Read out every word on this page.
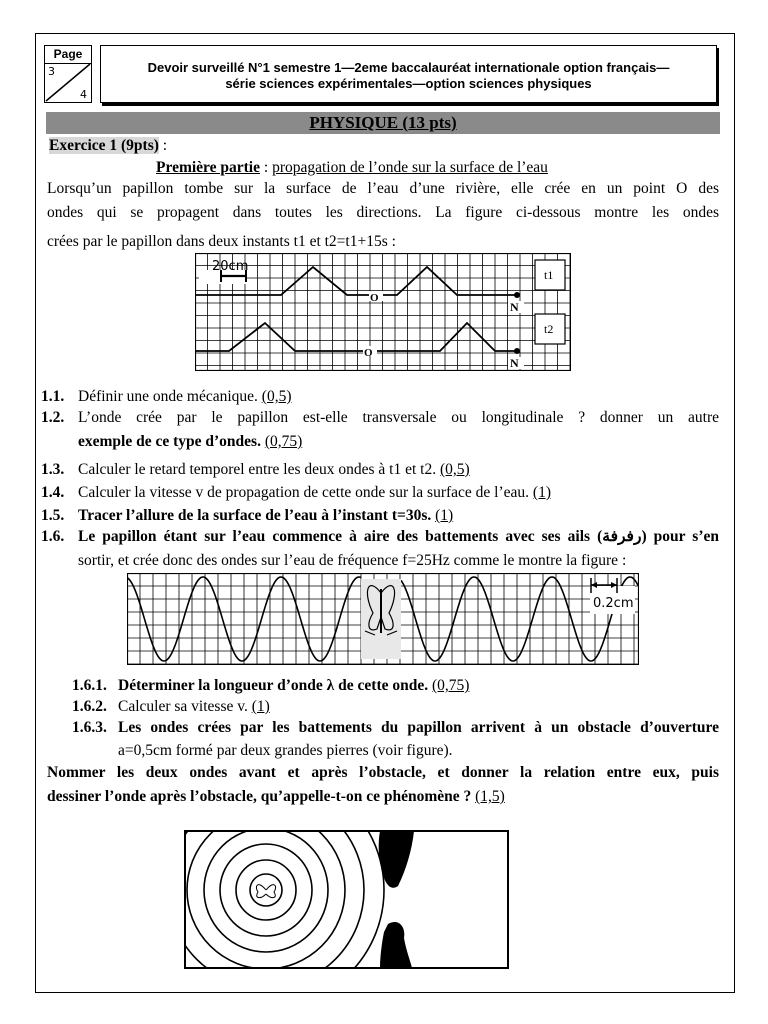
Page
3
4
Devoir surveillé N°1 semestre 1—2eme baccalauréat internationale option français—
série sciences expérimentales—option sciences physiques
PHYSIQUE (13 pts)
Exercice 1 (9pts) :
Première partie : propagation de l’onde sur la surface de l’eau
Lorsqu’un papillon tombe sur la surface de l’eau d’une rivière, elle crée en un point O des
ondes qui se propagent dans toutes les directions. La figure ci-dessous montre les ondes
crées par le papillon dans deux instants t1 et t2=t1+15s :
20cm
O
O
N
N
t1
t2
1.1. Définir une onde mécanique. (0,5)
1.2. L’onde crée par le papillon est-elle transversale ou longitudinale ? donner un autre
exemple de ce type d’ondes. (0,75)
1.3. Calculer le retard temporel entre les deux ondes à t1 et t2. (0,5)
1.4. Calculer la vitesse v de propagation de cette onde sur la surface de l’eau. (1)
1.5. Tracer l’allure de la surface de l’eau à l’instant t=30s. (1)
1.6. Le papillon étant sur l’eau commence à aire des battements avec ses ails (رفرفة) pour s’en
sortir, et crée donc des ondes sur l’eau de fréquence f=25Hz comme le montre la figure :
0.2cm
1.6.1. Déterminer la longueur d’onde λ de cette onde. (0,75)
1.6.2. Calculer sa vitesse v. (1)
1.6.3. Les ondes crées par les battements du papillon arrivent à un obstacle d’ouverture
a=0,5cm formé par deux grandes pierres (voir figure).
Nommer les deux ondes avant et après l’obstacle, et donner la relation entre eux, puis
dessiner l’onde après l’obstacle, qu’appelle-t-on ce phénomène ? (1,5)
